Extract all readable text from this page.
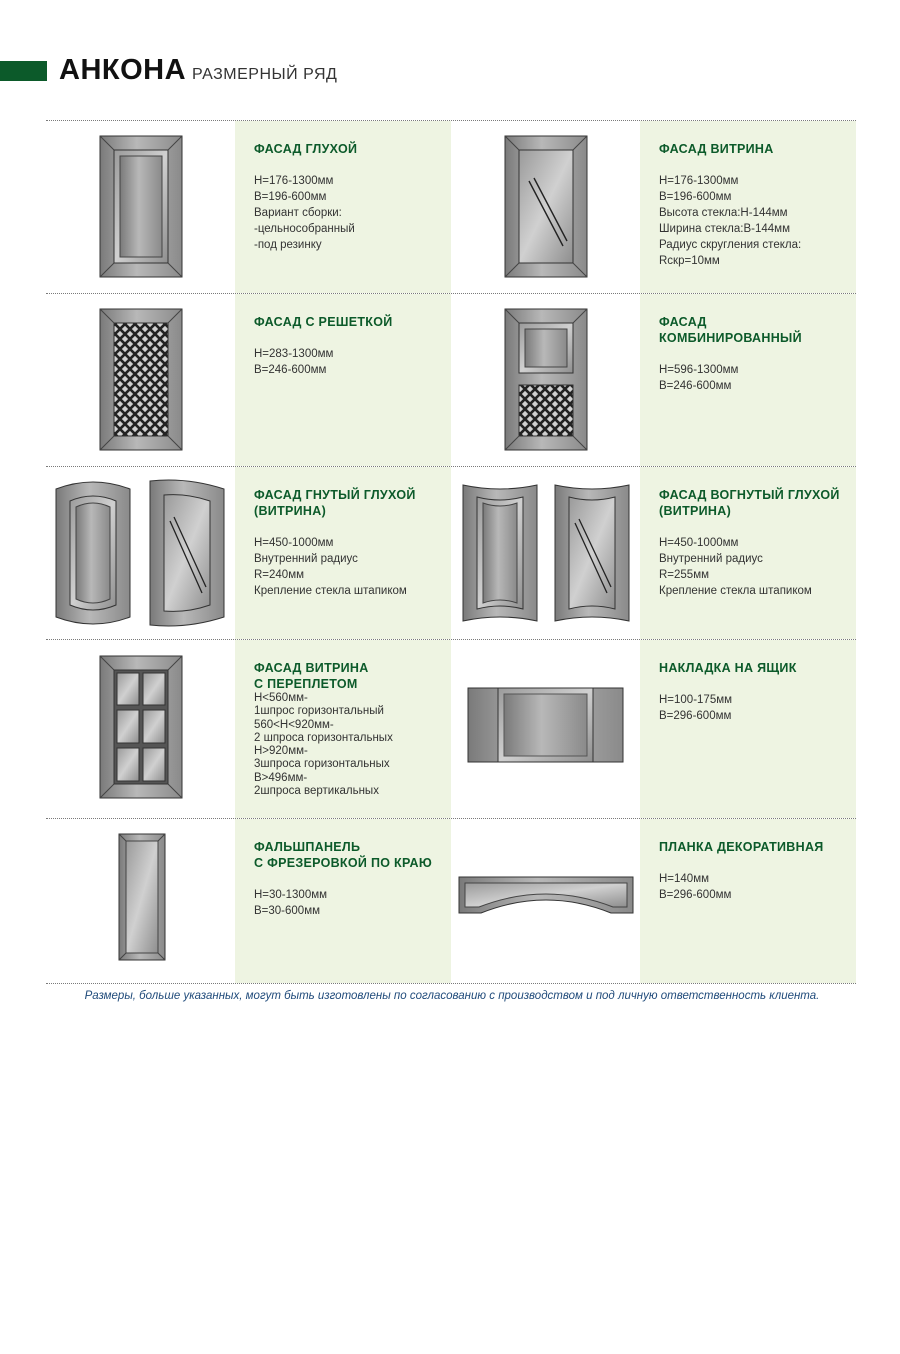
АНКОНА РАЗМЕРНЫЙ РЯД
ФАСАД ГЛУХОЙ
H=176-1300мм
B=196-600мм
Вариант сборки:
-цельнособранный
-под резинку
ФАСАД ВИТРИНА
H=176-1300мм
B=196-600мм
Высота стекла:H-144мм
Ширина стекла:B-144мм
Радиус скругления стекла:
Rскр=10мм
ФАСАД С РЕШЕТКОЙ
H=283-1300мм
B=246-600мм
ФАСАД
КОМБИНИРОВАННЫЙ
H=596-1300мм
B=246-600мм
ФАСАД ГНУТЫЙ ГЛУХОЙ
(ВИТРИНА)
H=450-1000мм
Внутренний радиус
R=240мм
Крепление стекла штапиком
ФАСАД ВОГНУТЫЙ ГЛУХОЙ
(ВИТРИНА)
H=450-1000мм
Внутренний радиус
R=255мм
Крепление стекла штапиком
ФАСАД ВИТРИНА
С ПЕРЕПЛЕТОМ
H<560мм-
1шпрос горизонтальный
560<H<920мм-
2 шпроса горизонтальных
H>920мм-
3шпроса горизонтальных
B>496мм-
2шпроса вертикальных
НАКЛАДКА НА ЯЩИК
H=100-175мм
B=296-600мм
ФАЛЬШПАНЕЛЬ
С ФРЕЗЕРОВКОЙ ПО КРАЮ
H=30-1300мм
B=30-600мм
ПЛАНКА ДЕКОРАТИВНАЯ
H=140мм
B=296-600мм
Размеры, больше указанных, могут быть изготовлены по согласованию с производством и под личную ответственность клиента.
